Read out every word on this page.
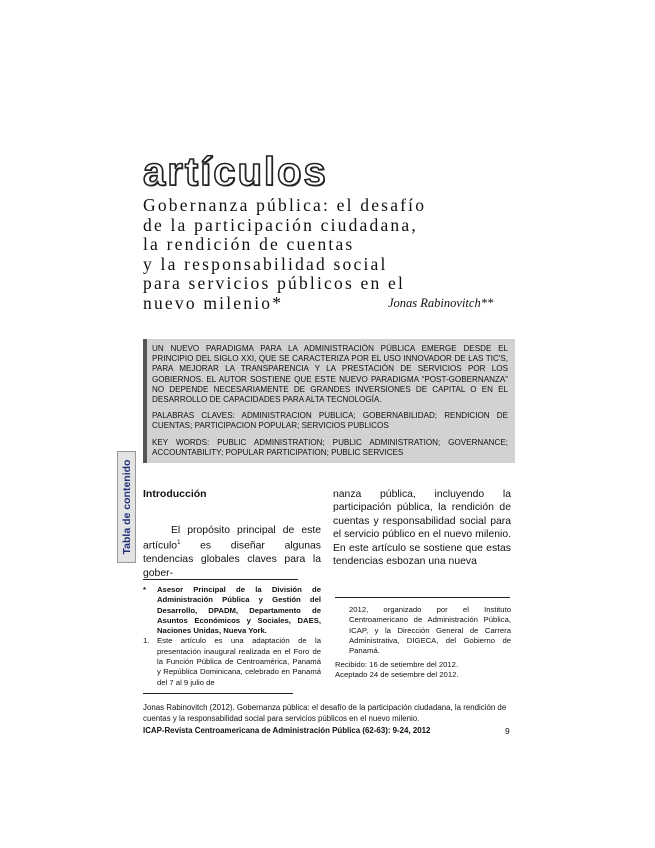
artículos
Gobernanza pública: el desafío
de la participación ciudadana,
la rendición de cuentas
y la responsabilidad social
para servicios públicos en el
nuevo milenio*	Jonas Rabinovitch**

UN NUEVO PARADIGMA PARA LA ADMINISTRACIÓN PÚBLICA EMERGE DESDE EL PRINCIPIO DEL SIGLO XXI, QUE SE CARACTERIZA POR EL USO INNOVADOR DE LAS TIC'S, PARA MEJORAR LA TRANSPARENCIA Y LA PRESTACIÓN DE SERVICIOS POR LOS GOBIERNOS. EL AUTOR SOSTIENE QUE ESTE NUEVO PARADIGMA “POST-GOBERNANZA” NO DEPENDE NECESARIAMENTE DE GRANDES INVERSIONES DE CAPITAL O EN EL DESARROLLO DE CAPACIDADES PARA ALTA TECNOLOGÍA.

PALABRAS CLAVES: ADMINISTRACION PUBLICA; GOBERNABILIDAD; RENDICION DE CUENTAS; PARTICIPACION POPULAR; SERVICIOS PUBLICOS

KEY WORDS: PUBLIC ADMINISTRATION; PUBLIC ADMINISTRATION; GOVERNANCE; ACCOUNTABILITY; POPULAR PARTICIPATION; PUBLIC SERVICES

Tabla de contenido Introducción
El propósito principal de este artículo$^1$ es diseñar algunas tendencias globales claves para la gober-
nanza pública, incluyendo la participación pública, la rendición de cuentas y responsabilidad social para el servicio público en el nuevo milenio. En este artículo se sostiene que estas tendencias esbozan una nueva
* Asesor Principal de la División de Administración Pública y Gestión del Desarrollo, DPADM, Departamento de Asuntos Económicos y Sociales, DAES, Naciones Unidas, Nueva York.
1. Este artículo es una adaptación de la presentación inaugural realizada en el Foro de la Función Pública de Centroamérica, Panamá y República Dominicana, celebrado en Panamá del 7 al 9 julio de
2012, organizado por el Instituto Centroamericano de Administración Pública, ICAP, y la Dirección General de Carrera Administrativa, DIGECA, del Gobierno de Panamá.
Recibido: 16 de setiembre del 2012.
Aceptado 24 de setiembre del 2012.
Jonas Rabinovitch (2012). Gobernanza pública: el desafío de la participación ciudadana, la rendición de cuentas y la responsabilidad social para servicios públicos en el nuevo milenio.
ICAP-Revista Centroamericana de Administración Pública (62-63): 9-24, 2012	9
